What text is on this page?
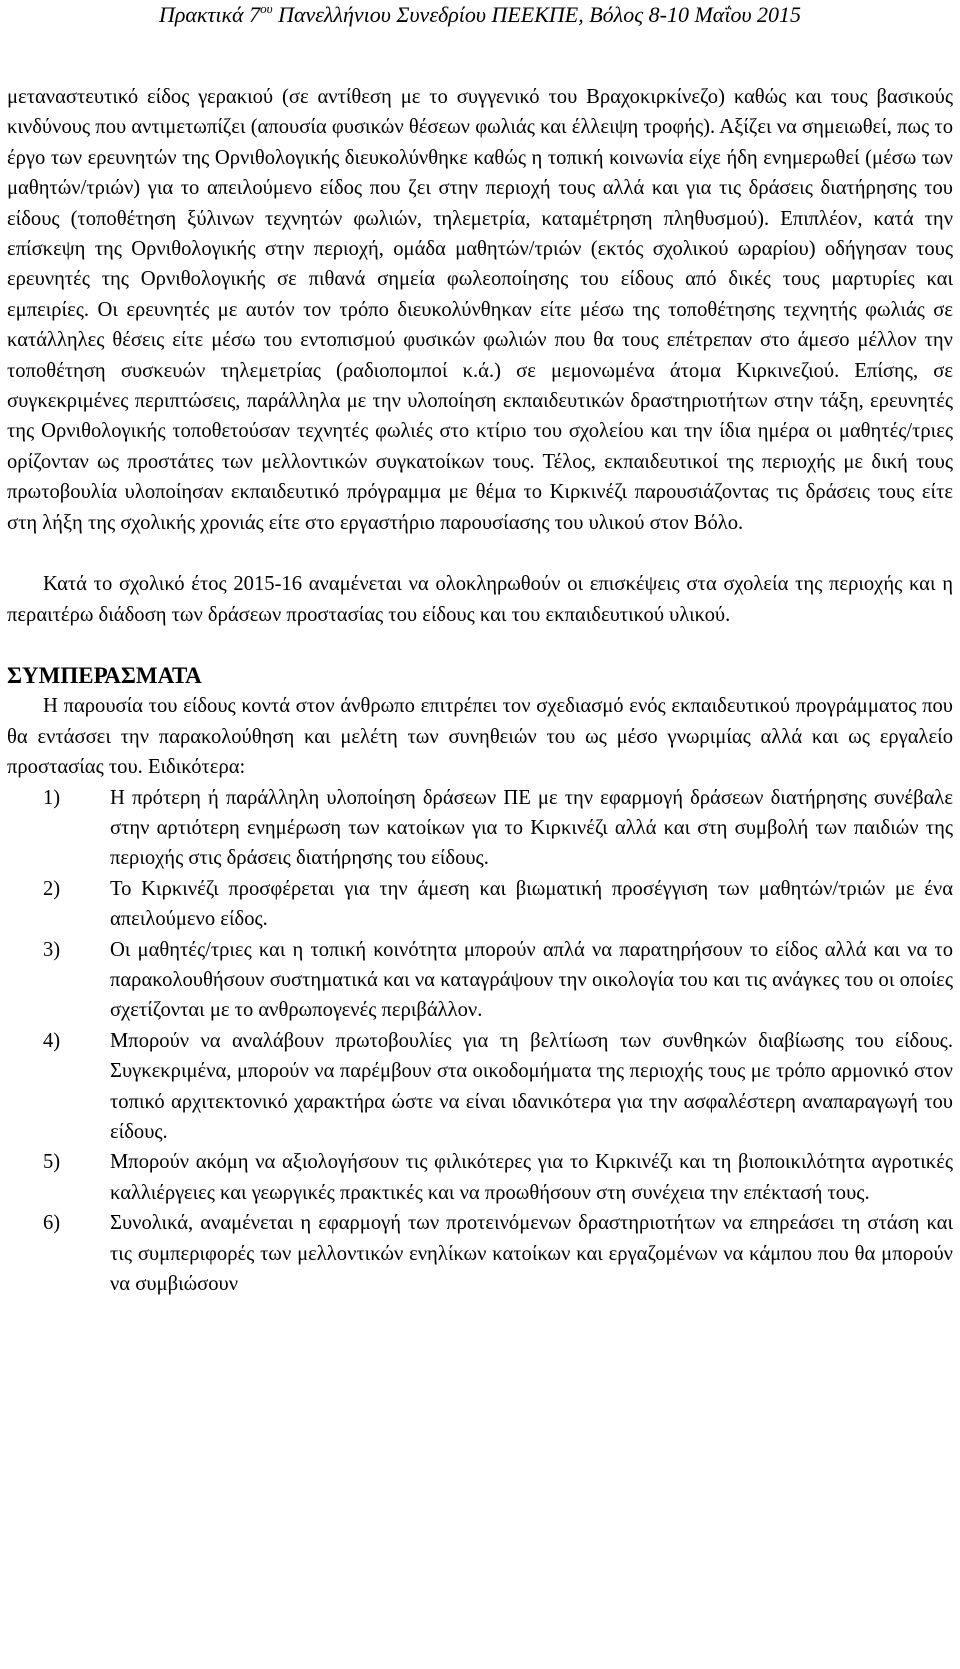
Πρακτικά $7^{o\upsilon}$ Πανελλήνιου Συνεδρίου ΠΕΕΚΠΕ, Βόλος 8-10 Μαΐου 2015

μεταναστευτικό είδος γερακιού (σε αντίθεση με το συγγενικό του Βραχοκιρκίνεζο) καθώς και τους βασικούς κινδύνους που αντιμετωπίζει (απουσία φυσικών θέσεων φωλιάς και έλλειψη τροφής). Αξίζει να σημειωθεί, πως το έργο των ερευνητών της Ορνιθολογικής διευκολύνθηκε καθώς η τοπική κοινωνία είχε ήδη ενημερωθεί (μέσω των μαθητών/τριών) για το απειλούμενο είδος που ζει στην περιοχή τους αλλά και για τις δράσεις διατήρησης του είδους (τοποθέτηση ξύλινων τεχνητών φωλιών, τηλεμετρία, καταμέτρηση πληθυσμού). Επιπλέον, κατά την επίσκεψη της Ορνιθολογικής στην περιοχή, ομάδα μαθητών/τριών (εκτός σχολικού ωραρίου) οδήγησαν τους ερευνητές της Ορνιθολογικής σε πιθανά σημεία φωλεοποίησης του είδους από δικές τους μαρτυρίες και εμπειρίες. Οι ερευνητές με αυτόν τον τρόπο διευκολύνθηκαν είτε μέσω της τοποθέτησης τεχνητής φωλιάς σε κατάλληλες θέσεις είτε μέσω του εντοπισμού φυσικών φωλιών που θα τους επέτρεπαν στο άμεσο μέλλον την τοποθέτηση συσκευών τηλεμετρίας (ραδιοπομποί κ.ά.) σε μεμονωμένα άτομα Κιρκινεζιού. Επίσης, σε συγκεκριμένες περιπτώσεις, παράλληλα με την υλοποίηση εκπαιδευτικών δραστηριοτήτων στην τάξη, ερευνητές της Ορνιθολογικής τοποθετούσαν τεχνητές φωλιές στο κτίριο του σχολείου και την ίδια ημέρα οι μαθητές/τριες ορίζονταν ως προστάτες των μελλοντικών συγκατοίκων τους. Τέλος, εκπαιδευτικοί της περιοχής με δική τους πρωτοβουλία υλοποίησαν εκπαιδευτικό πρόγραμμα με θέμα το Κιρκινέζι παρουσιάζοντας τις δράσεις τους είτε στη λήξη της σχολικής χρονιάς είτε στο εργαστήριο παρουσίασης του υλικού στον Βόλο.

Κατά το σχολικό έτος 2015-16 αναμένεται να ολοκληρωθούν οι επισκέψεις στα σχολεία της περιοχής και η περαιτέρω διάδοση των δράσεων προστασίας του είδους και του εκπαιδευτικού υλικού.

ΣΥΜΠΕΡΑΣΜΑΤΑ

Η παρουσία του είδους κοντά στον άνθρωπο επιτρέπει τον σχεδιασμό ενός εκπαιδευτικού προγράμματος που θα εντάσσει την παρακολούθηση και μελέτη των συνηθειών του ως μέσο γνωριμίας αλλά και ως εργαλείο προστασίας του. Ειδικότερα:

1)	Η πρότερη ή παράλληλη υλοποίηση δράσεων ΠΕ με την εφαρμογή δράσεων διατήρησης συνέβαλε στην αρτιότερη ενημέρωση των κατοίκων για το Κιρκινέζι αλλά και στη συμβολή των παιδιών της περιοχής στις δράσεις διατήρησης του είδους.
2)	Το Κιρκινέζι προσφέρεται για την άμεση και βιωματική προσέγγιση των μαθητών/τριών με ένα απειλούμενο είδος.
3)	Οι μαθητές/τριες και η τοπική κοινότητα μπορούν απλά να παρατηρήσουν το είδος αλλά και να το παρακολουθήσουν συστηματικά και να καταγράψουν την οικολογία του και τις ανάγκες του οι οποίες σχετίζονται με το ανθρωπογενές περιβάλλον.
4)	Μπορούν να αναλάβουν πρωτοβουλίες για τη βελτίωση των συνθηκών διαβίωσης του είδους. Συγκεκριμένα, μπορούν να παρέμβουν στα οικοδομήματα της περιοχής τους με τρόπο αρμονικό στον τοπικό αρχιτεκτονικό χαρακτήρα ώστε να είναι ιδανικότερα για την ασφαλέστερη αναπαραγωγή του είδους.
5)	Μπορούν ακόμη να αξιολογήσουν τις φιλικότερες για το Κιρκινέζι και τη βιοποικιλότητα αγροτικές καλλιέργειες και γεωργικές πρακτικές και να προωθήσουν στη συνέχεια την επέκτασή τους.
6)	Συνολικά, αναμένεται η εφαρμογή των προτεινόμενων δραστηριοτήτων να επηρεάσει τη στάση και τις συμπεριφορές των μελλοντικών ενηλίκων κατοίκων και εργαζομένων να κάμπου που θα μπορούν να συμβιώσουν
